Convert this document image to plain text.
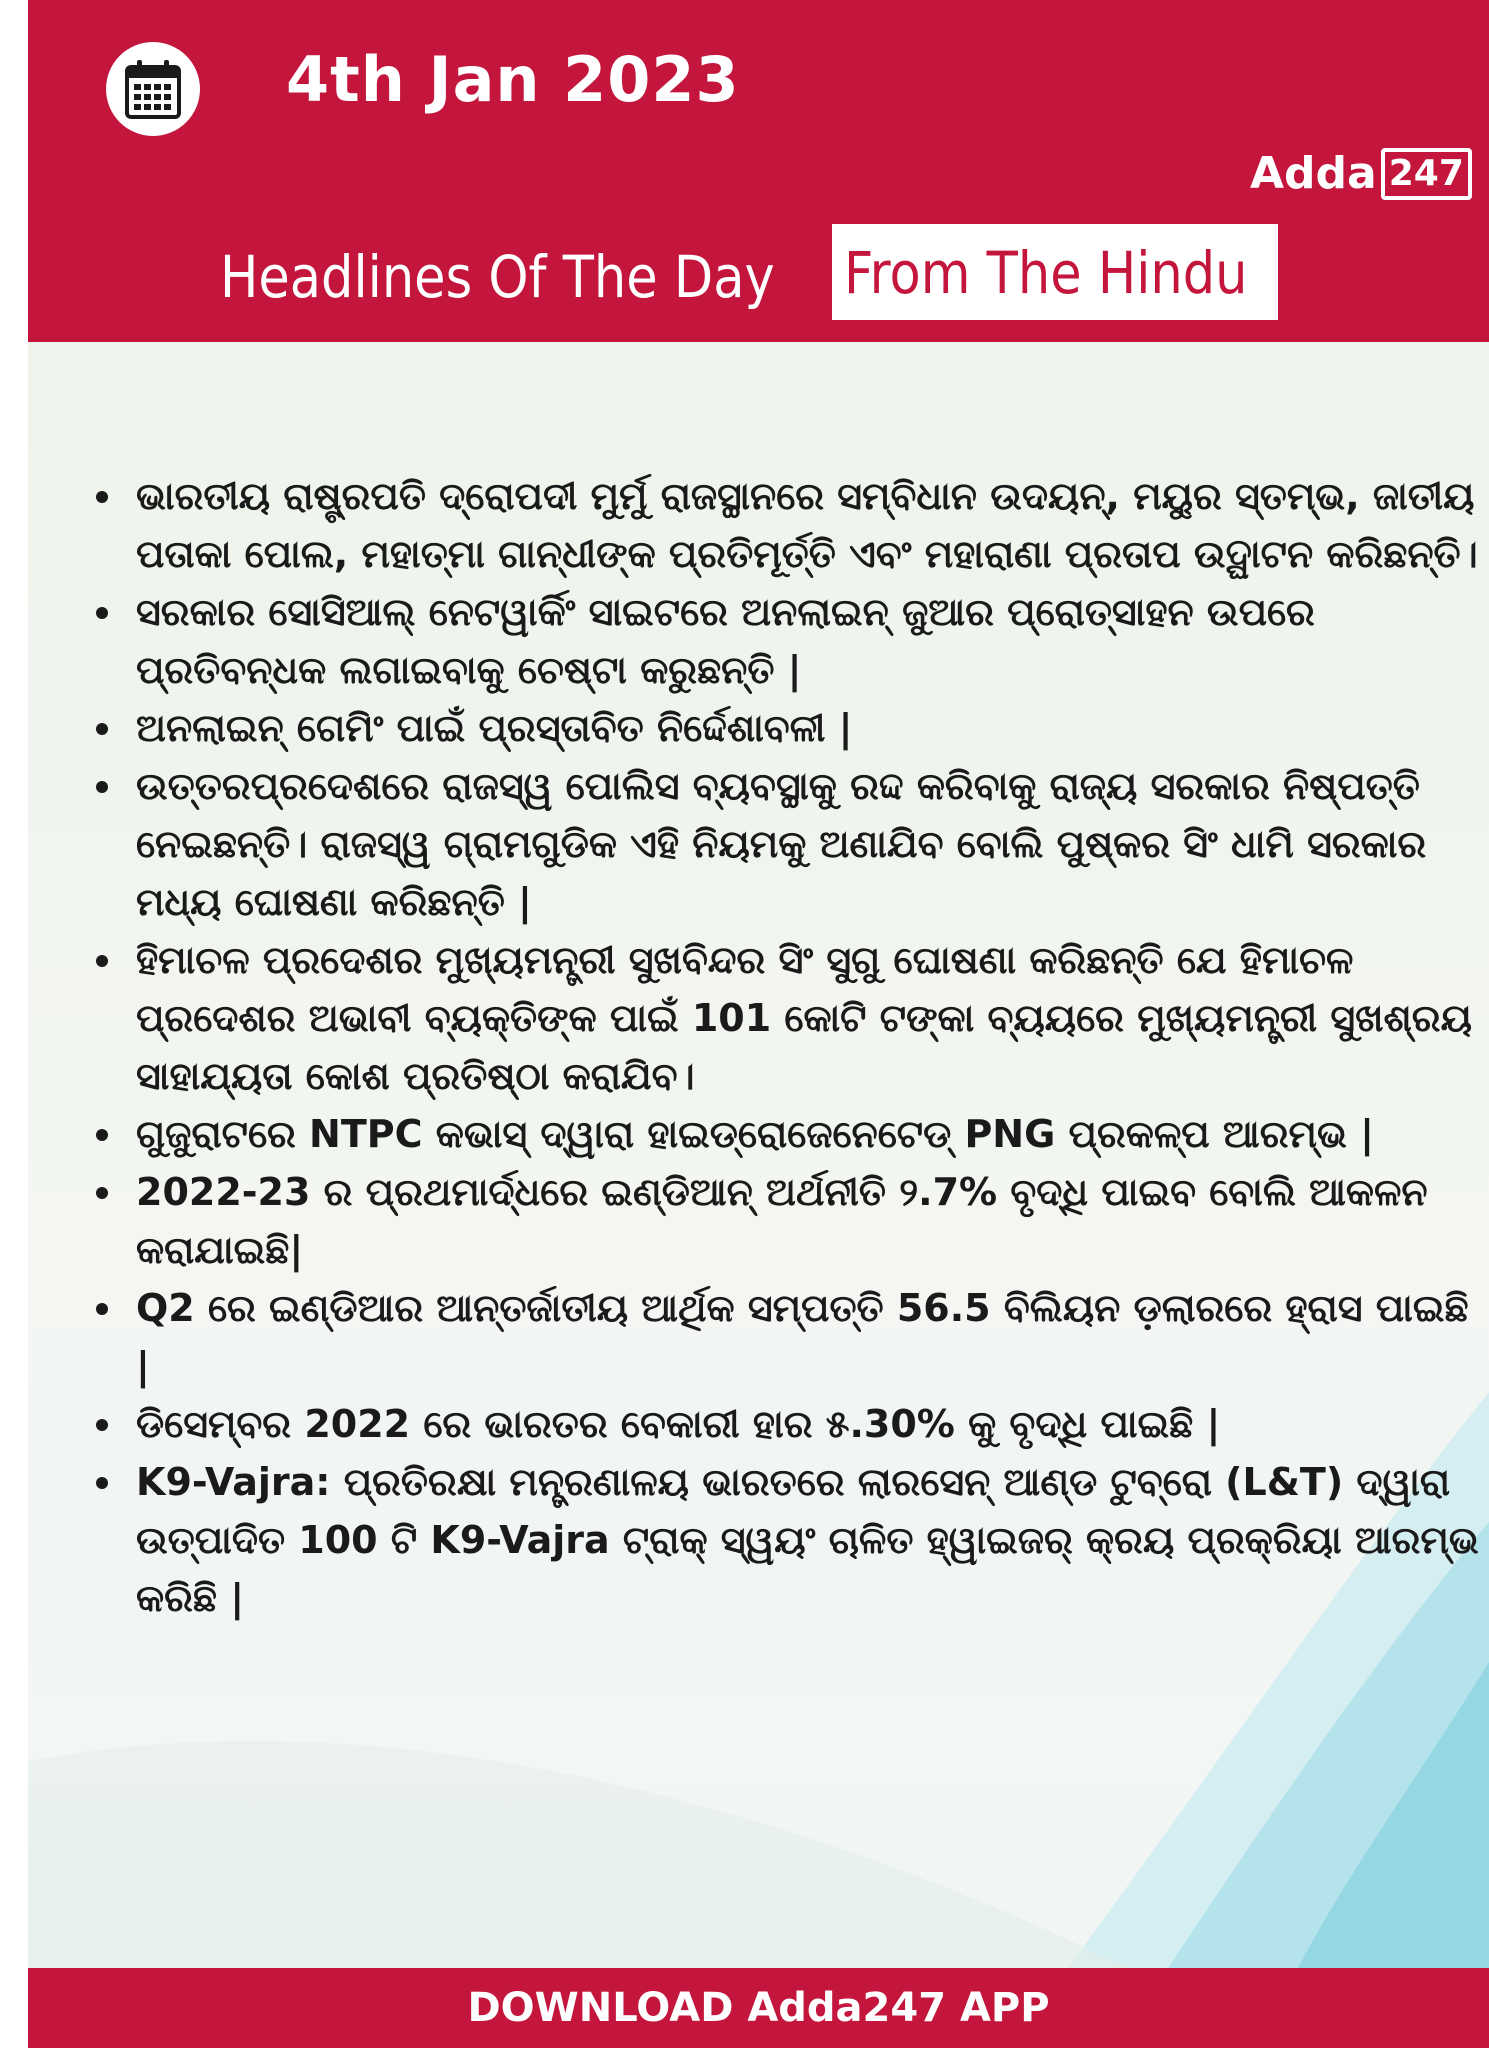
4th Jan 2023
Adda 247
Headlines Of The Day From The Hindu
ଭାରତୀୟ ରାଷ୍ଟ୍ରପତି ଦ୍ରୋପଦୀ ମୁର୍ମୁ ରାଜସ୍ଥାନରେ ସମ୍ବିଧାନ ଉଦୟନ୍, ମୟୁର ସ୍ତମ୍ଭ, ଜାତୀୟ ପତାକା ପୋଲ, ମହାତ୍ମା ଗାନ୍ଧୀଙ୍କ ପ୍ରତିମୂର୍ତ୍ତି ଏବଂ ମହାରାଣା ପ୍ରତାପ ଉଦ୍ଘାଟନ କରିଛନ୍ତି।
ସରକାର ସୋସିଆଲ୍ ନେଟୱାର୍କିଂ ସାଇଟରେ ଅନଲାଇନ୍ ଜୁଆର ପ୍ରୋତ୍ସାହନ ଉପରେ ପ୍ରତିବନ୍ଧକ ଲଗାଇବାକୁ ଚେଷ୍ଟା କରୁଛନ୍ତି |
ଅନଲାଇନ୍ ଗେମିଂ ପାଇଁ ପ୍ରସ୍ତାବିତ ନିର୍ଦ୍ଦେଶାବଳୀ |
ଉତ୍ତରପ୍ରଦେଶରେ ରାଜସ୍ୱ ପୋଲିସ ବ୍ୟବସ୍ଥାକୁ ରଦ୍ଦ କରିବାକୁ ରାଜ୍ୟ ସରକାର ନିଷ୍ପତ୍ତି ନେଇଛନ୍ତି। ରାଜସ୍ୱ ଗ୍ରାମଗୁଡିକ ଏହି ନିୟମକୁ ଅଣାଯିବ ବୋଲି ପୁଷ୍କର ସିଂ ଧାମି ସରକାର ମଧ୍ୟ ଘୋଷଣା କରିଛନ୍ତି |
ହିମାଚଳ ପ୍ରଦେଶର ମୁଖ୍ୟମନ୍ତ୍ରୀ ସୁଖବିନ୍ଦର ସିଂ ସୁଗୁ ଘୋଷଣା କରିଛନ୍ତି ଯେ ହିମାଚଳ ପ୍ରଦେଶର ଅଭାବୀ ବ୍ୟକ୍ତିଙ୍କ ପାଇଁ 101 କୋଟି ଟଙ୍କା ବ୍ୟୟରେ ମୁଖ୍ୟମନ୍ତ୍ରୀ ସୁଖଶ୍ରୟ ସାହାଯ୍ୟତା କୋଶ ପ୍ରତିଷ୍ଠା କରାଯିବ।
ଗୁଜୁରାଟରେ NTPC କଭାସ୍ ଦ୍ୱାରା ହାଇଡ୍ରୋଜେନେଟେଡ୍ PNG ପ୍ରକଳ୍ପ ଆରମ୍ଭ |
2022-23 ର ପ୍ରଥମାର୍ଦ୍ଧରେ ଇଣ୍ଡିଆନ୍ ଅର୍ଥନୀତି ୨.7% ବୃଦ୍ଧି ପାଇବ ବୋଲି ଆକଳନ କରାଯାଇଛି|
Q2 ରେ ଇଣ୍ଡିଆର ଆନ୍ତର୍ଜାତୀୟ ଆର୍ଥିକ ସମ୍ପତ୍ତି 56.5 ବିଲିୟନ ଡ଼ଲାରରେ ହ୍ରାସ ପାଇଛି |
ଡିସେମ୍ବର 2022 ରେ ଭାରତର ବେକାରୀ ହାର ୫.30% କୁ ବୃଦ୍ଧି ପାଇଛି |
K9-Vajra: ପ୍ରତିରକ୍ଷା ମନ୍ତ୍ରଣାଳୟ ଭାରତରେ ଲାରସେନ୍ ଆଣ୍ଡ ଟୁବ୍ରୋ (L&T) ଦ୍ୱାରା ଉତ୍ପାଦିତ 100 ଟି K9-Vajra ଟ୍ରାକ୍ ସ୍ୱୟଂ ଚାଳିତ ହ୍ୱାଇଜର୍ କ୍ରୟ ପ୍ରକ୍ରିୟା ଆରମ୍ଭ କରିଛି |
DOWNLOAD Adda247 APP
